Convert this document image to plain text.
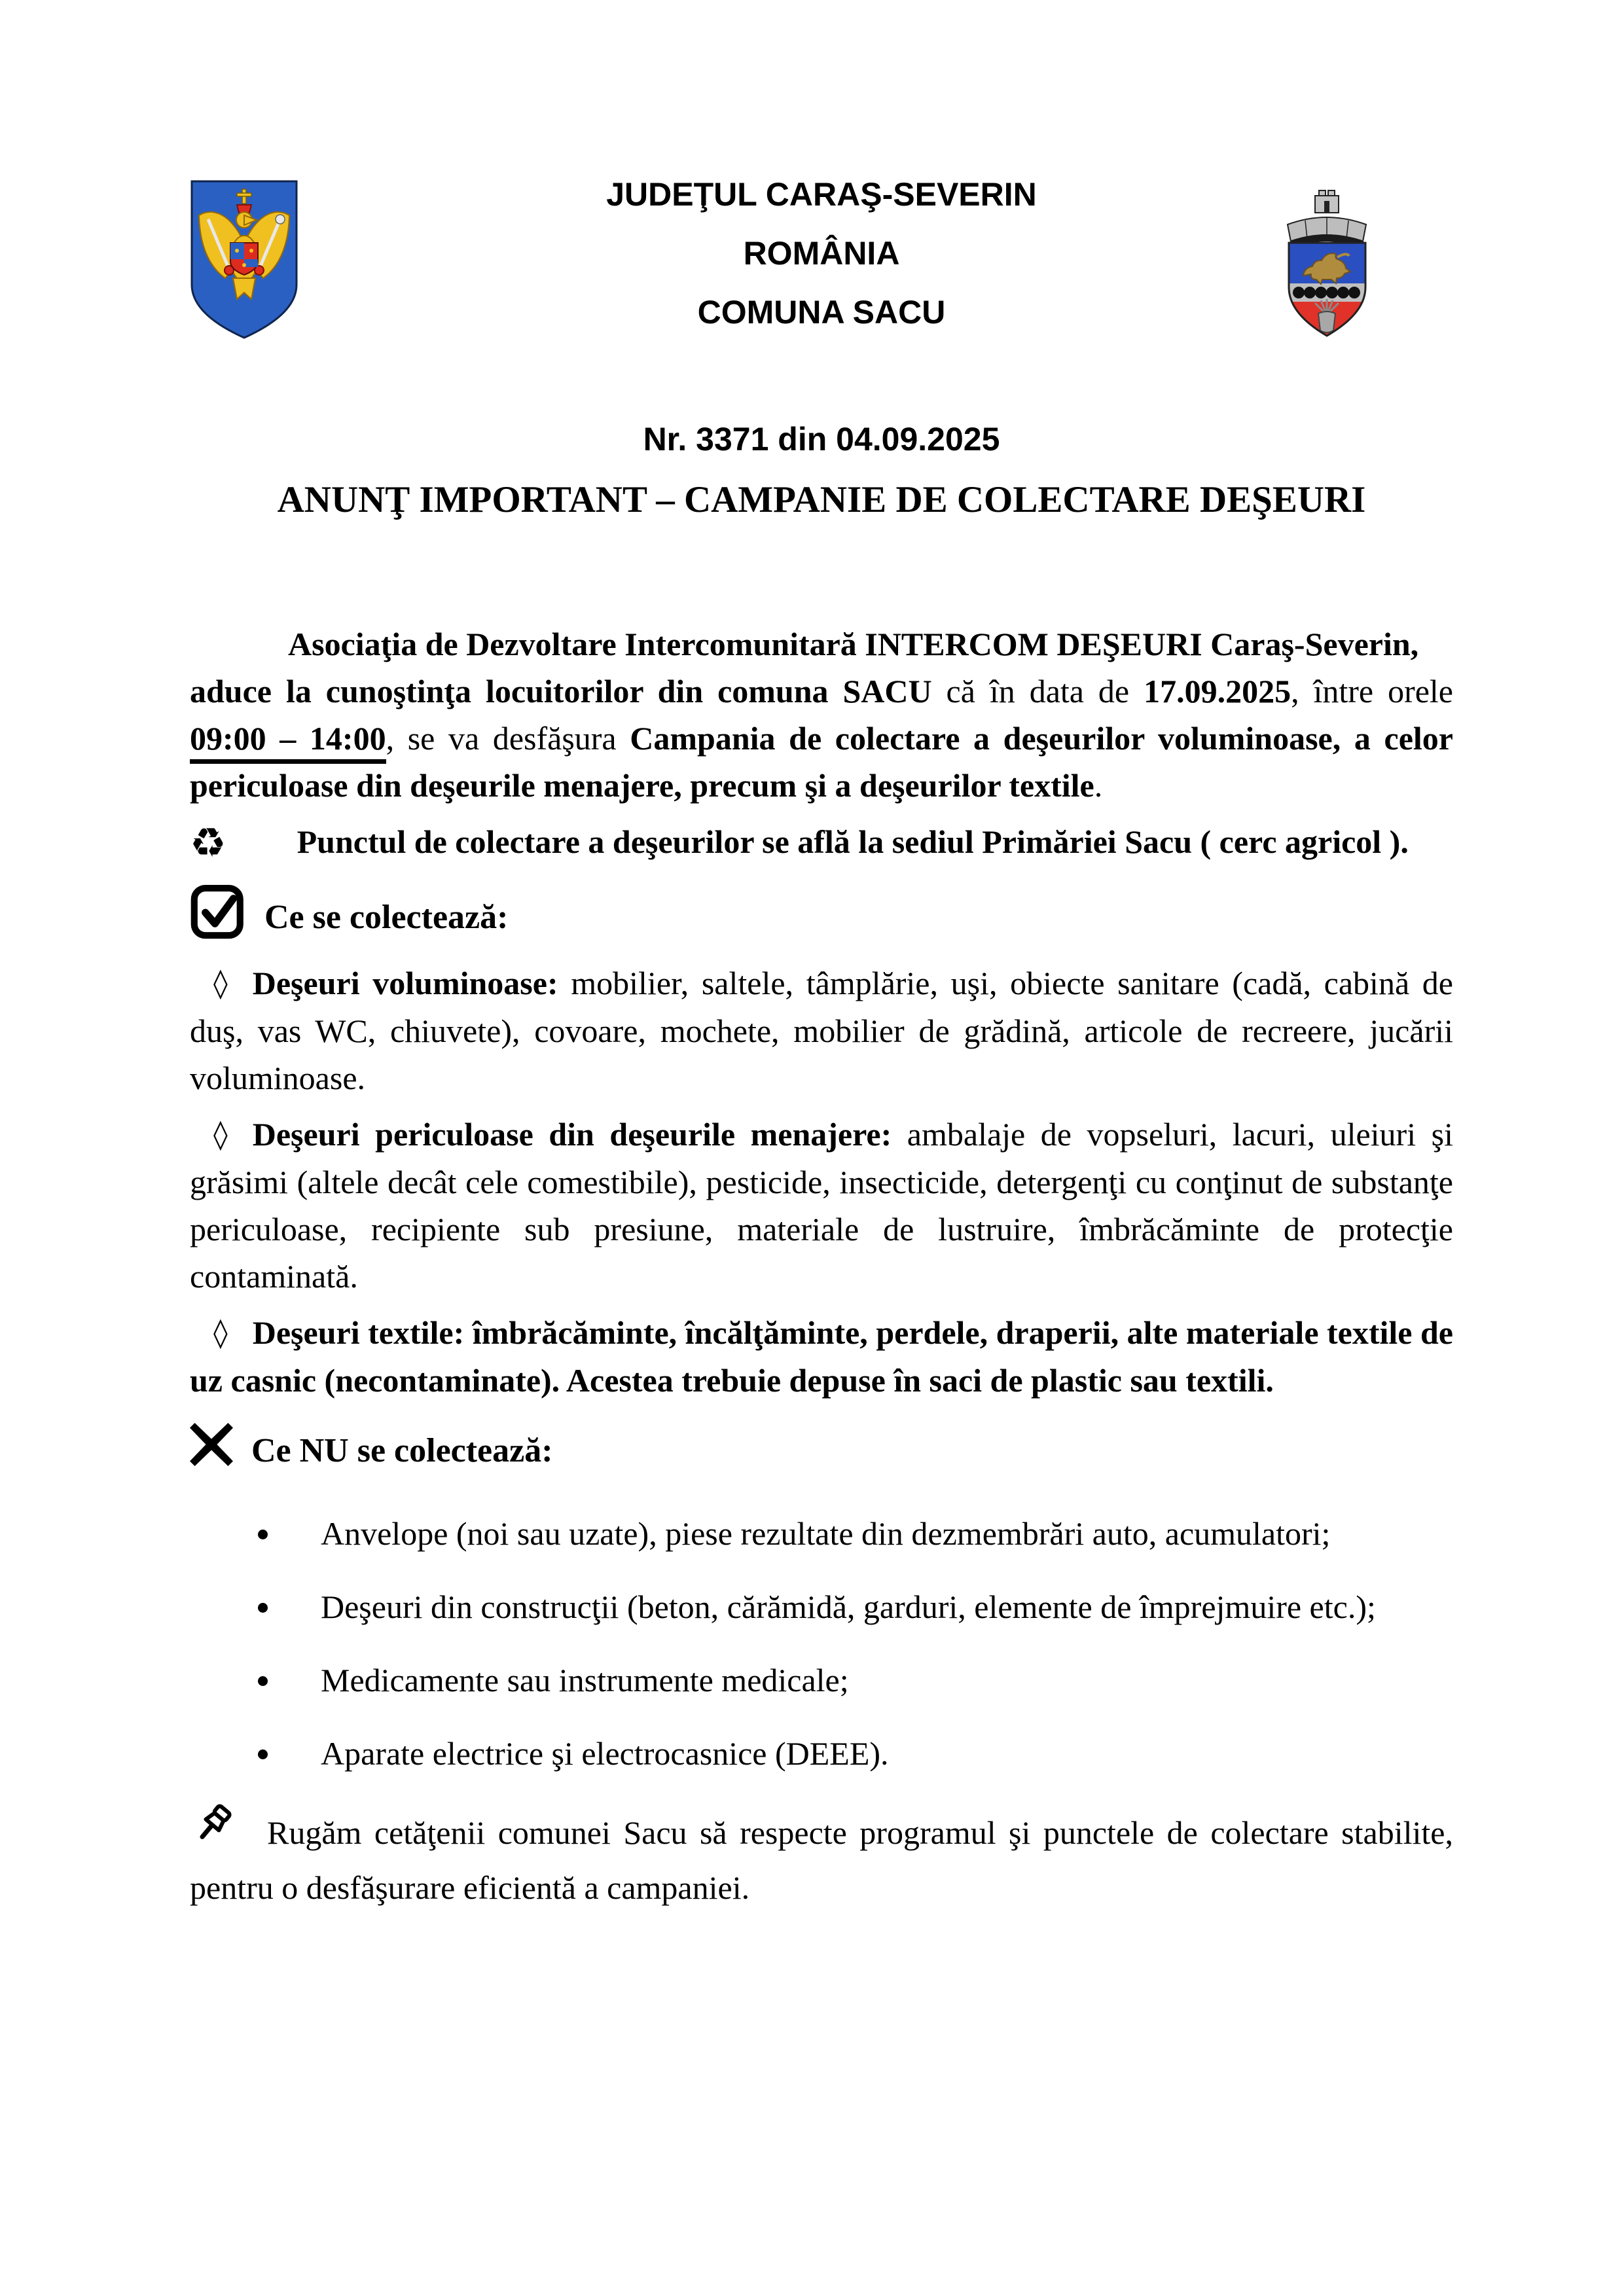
JUDEŢUL CARAŞ-SEVERIN
ROMÂNIA
COMUNA SACU
Nr. 3371 din 04.09.2025
ANUNŢ IMPORTANT – CAMPANIE DE COLECTARE DEŞEURI

Asociaţia de Dezvoltare Intercomunitară INTERCOM DEŞEURI Caraş-Severin,
aduce la cunoştinţa locuitorilor din comuna SACU că în data de 17.09.2025, între orele 09:00 – 14:00, se va desfăşura Campania de colectare a deşeurilor voluminoase, a celor periculoase din deşeurile menajere, precum şi a deşeurilor textile.

♻ Punctul de colectare a deşeurilor se află la sediul Primăriei Sacu ( cerc agricol ).

Ce se colectează:

◊ Deşeuri voluminoase: mobilier, saltele, tâmplărie, uşi, obiecte sanitare (cadă, cabină de duş, vas WC, chiuvete), covoare, mochete, mobilier de grădină, articole de recreere, jucării voluminoase.

◊ Deşeuri periculoase din deşeurile menajere: ambalaje de vopseluri, lacuri, uleiuri şi grăsimi (altele decât cele comestibile), pesticide, insecticide, detergenţi cu conţinut de substanţe periculoase, recipiente sub presiune, materiale de lustruire, îmbrăcăminte de protecţie contaminată.

◊ Deşeuri textile: îmbrăcăminte, încălţăminte, perdele, draperii, alte materiale textile de uz casnic (necontaminate). Acestea trebuie depuse în saci de plastic sau textili.

Ce NU se colectează:

Anvelope (noi sau uzate), piese rezultate din dezmembrări auto, acumulatori;

Deşeuri din construcţii (beton, cărămidă, garduri, elemente de împrejmuire etc.);

Medicamente sau instrumente medicale;

Aparate electrice şi electrocasnice (DEEE).

Rugăm cetăţenii comunei Sacu să respecte programul şi punctele de colectare stabilite, pentru o desfăşurare eficientă a campaniei.
